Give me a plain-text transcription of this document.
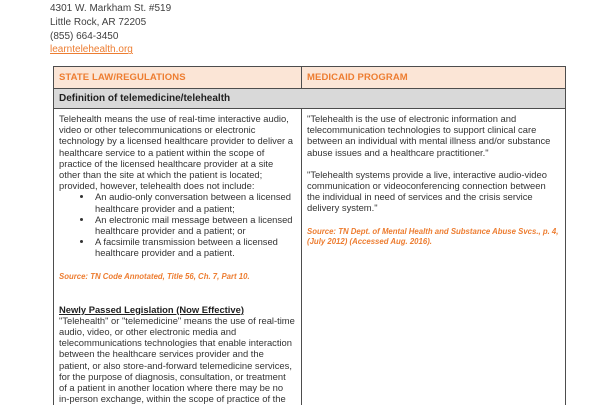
4301 W. Markham St. #519
Little Rock, AR 72205
(855) 664-3450
learntelehealth.org
STATE LAW/REGULATIONS	MEDICAID PROGRAM
Definition of telemedicine/telehealth

Telehealth means the use of real-time interactive audio, video or other telecommunications or electronic technology by a licensed healthcare provider to deliver a healthcare service to a patient within the scope of practice of the licensed healthcare provider at a site other than the site at which the patient is located; provided, however, telehealth does not include:

• An audio-only conversation between a licensed healthcare provider and a patient;
• An electronic mail message between a licensed healthcare provider and a patient; or
• A facsimile transmission between a licensed healthcare provider and a patient.

Source: TN Code Annotated, Title 56, Ch. 7, Part 10.

Newly Passed Legislation (Now Effective)

"Telehealth" or "telemedicine" means the use of real-time audio, video, or other electronic media and telecommunications technologies that enable interaction between the healthcare services provider and the patient, or also store-and-forward telemedicine services, for the purpose of diagnosis, consultation, or treatment of a patient in another location where there may be no in-person exchange, within the scope of practice of the

"Telehealth is the use of electronic information and telecommunication technologies to support clinical care between an individual with mental illness and/or substance abuse issues and a healthcare practitioner."

"Telehealth systems provide a live, interactive audio-video communication or videoconferencing connection between the individual in need of services and the crisis service delivery system."

Source: TN Dept. of Mental Health and Substance Abuse Svcs., p. 4, (July 2012) (Accessed Aug. 2016).
